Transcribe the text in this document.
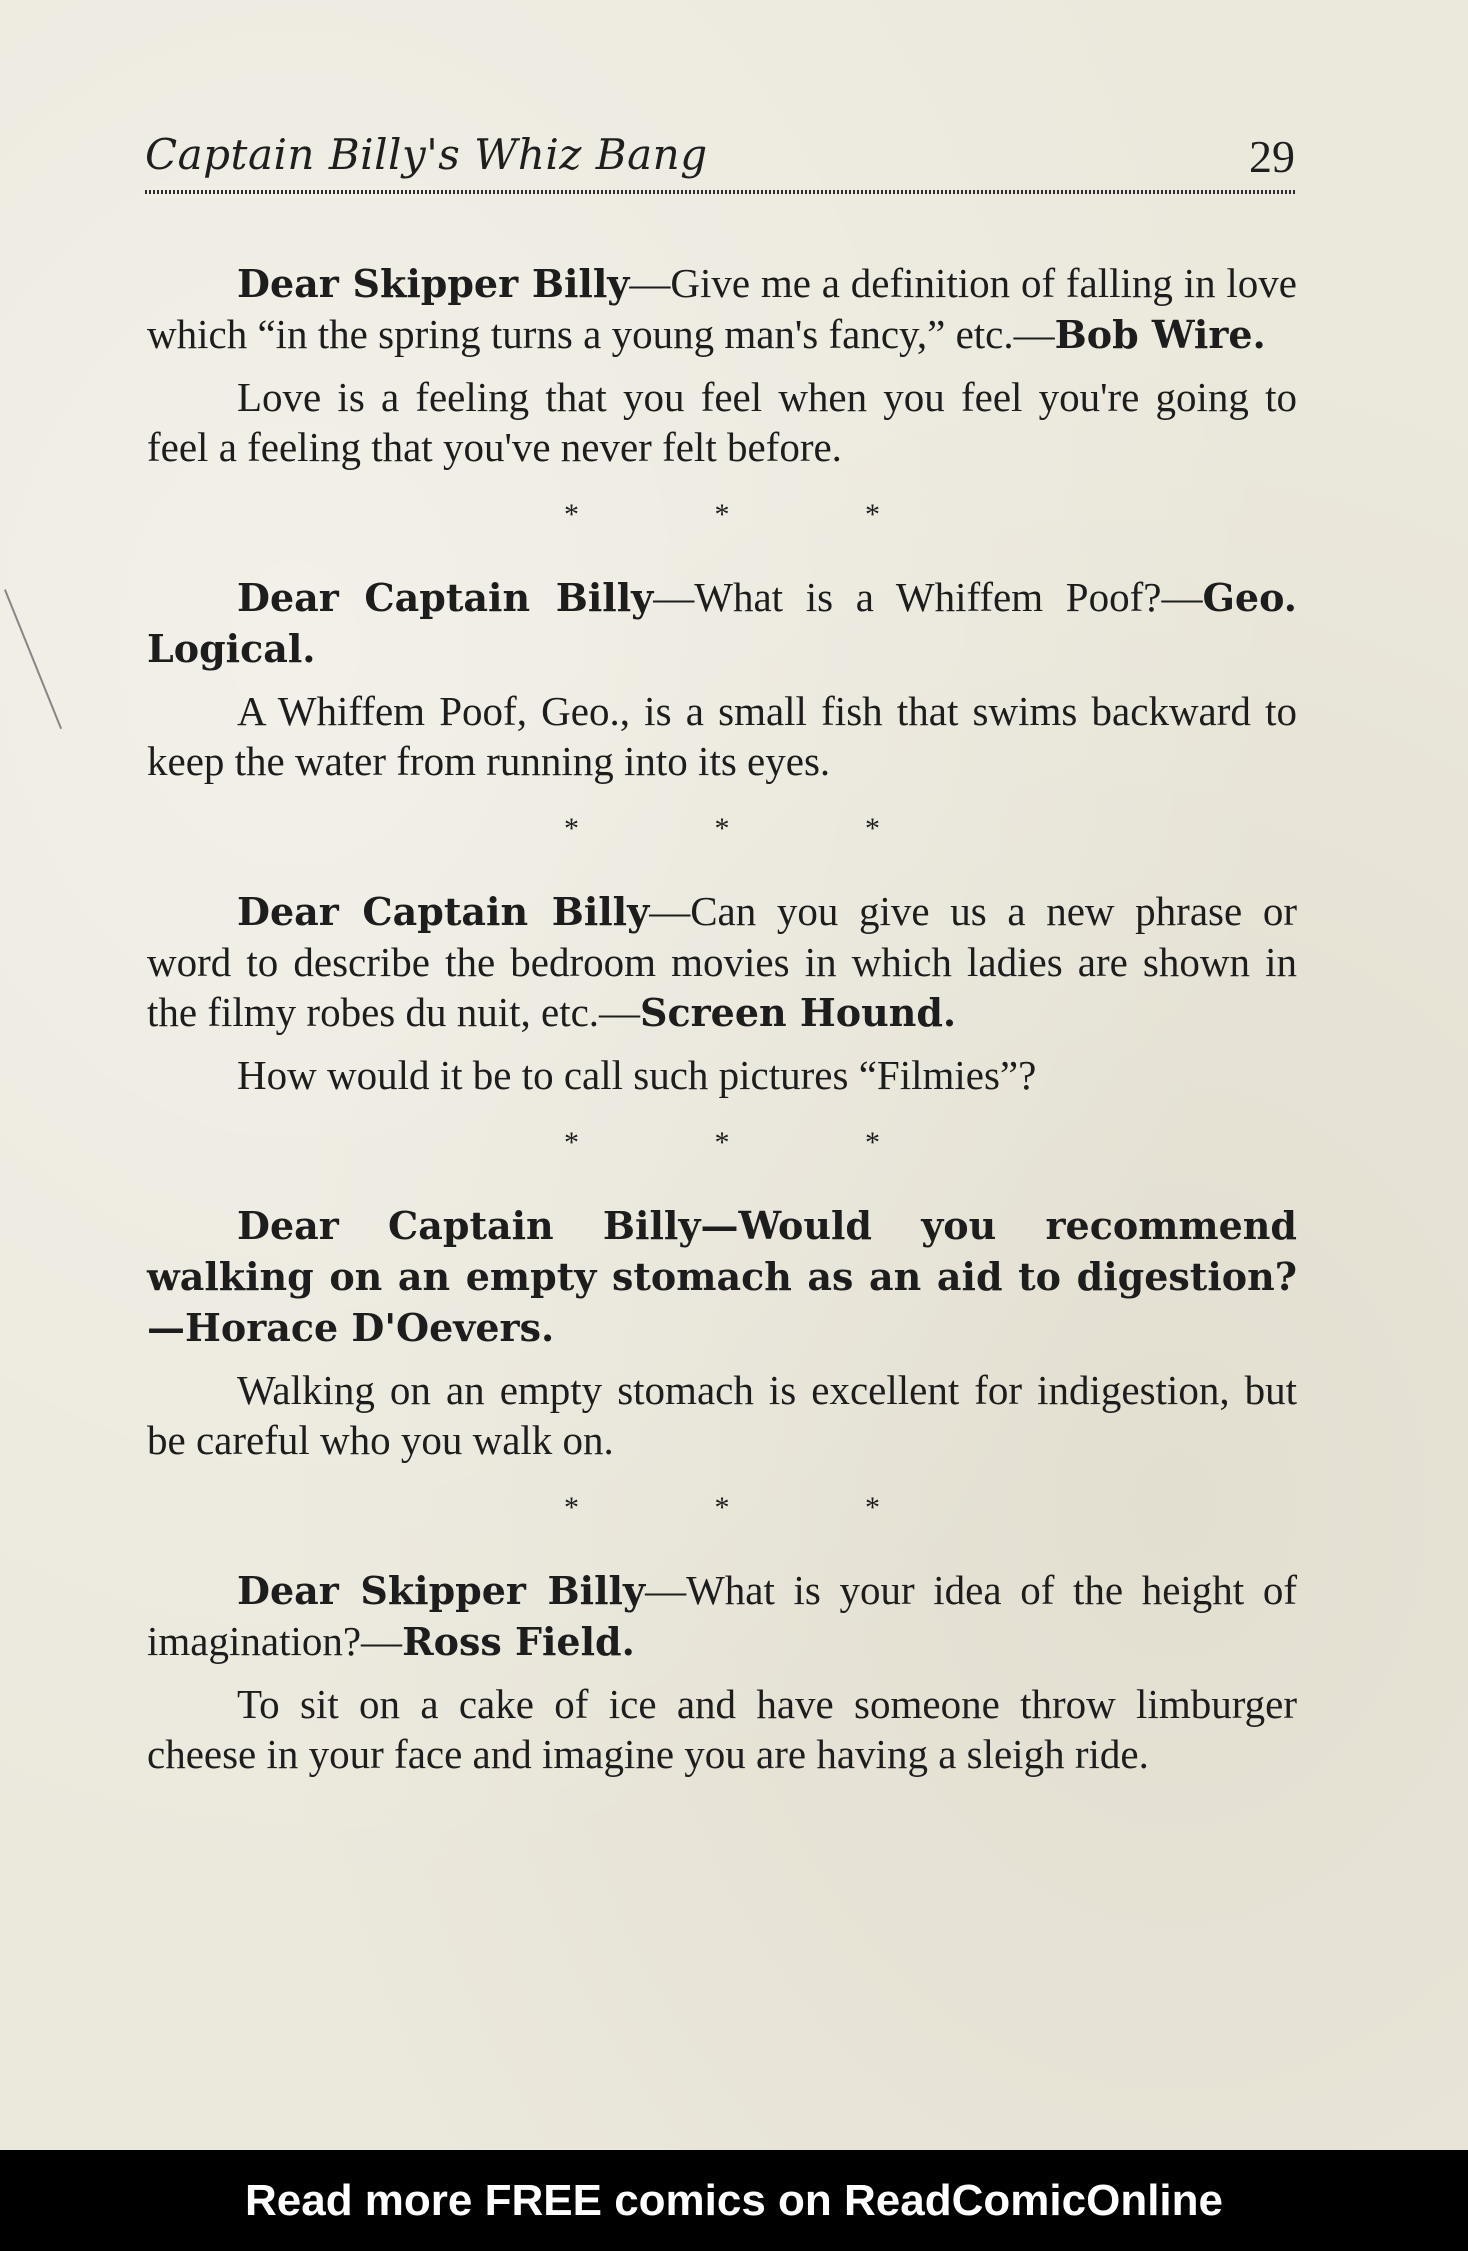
Captain Billy's Whiz Bang	29

Dear Skipper Billy—Give me a definition of falling in love which “in the spring turns a young man's fancy,” etc.—Bob Wire.

Love is a feeling that you feel when you feel you're going to feel a feeling that you've never felt before.

* * *

Dear Captain Billy—What is a Whiffem Poof?—Geo. Logical.

A Whiffem Poof, Geo., is a small fish that swims backward to keep the water from running into its eyes.

* * *

Dear Captain Billy—Can you give us a new phrase or word to describe the bedroom movies in which ladies are shown in the filmy robes du nuit, etc.—Screen Hound.

How would it be to call such pictures “Filmies”?

* * *

Dear Captain Billy—Would you recommend walking on an empty stomach as an aid to digestion?—Horace D'Oevers.

Walking on an empty stomach is excellent for indigestion, but be careful who you walk on.

* * *

Dear Skipper Billy—What is your idea of the height of imagination?—Ross Field.

To sit on a cake of ice and have someone throw limburger cheese in your face and imagine you are having a sleigh ride.

Read more FREE comics on ReadComicOnline
